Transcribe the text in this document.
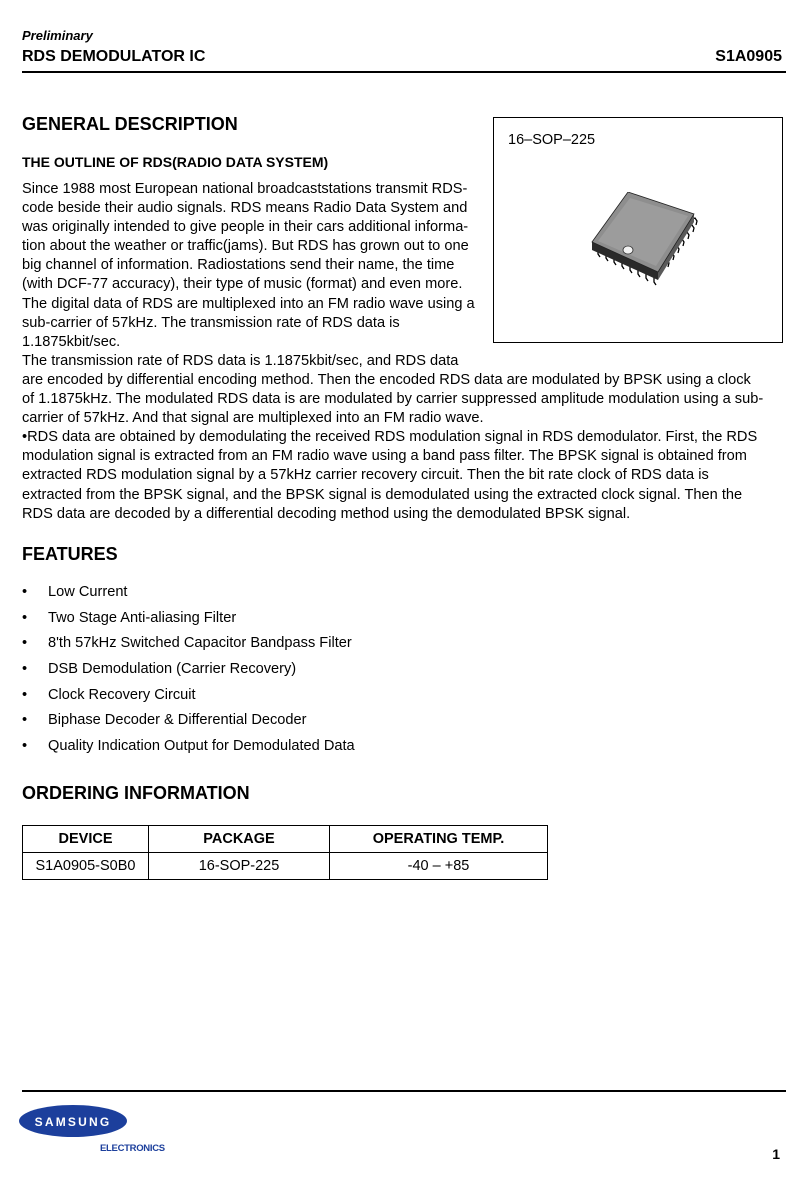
Preliminary
RDS DEMODULATOR IC	S1A0905
GENERAL DESCRIPTION
THE OUTLINE OF RDS(RADIO DATA SYSTEM)
Since 1988 most European national broadcaststations transmit RDS-
code beside their audio signals. RDS means Radio Data System and
was originally intended to give people in their cars additional informa-
tion about the weather or traffic(jams). But RDS has grown out to one
big channel of information. Radiostations send their name, the time
(with DCF-77 accuracy), their type of music (format) and even more.
The digital data of RDS are multiplexed into an FM radio wave using a
sub-carrier of 57kHz. The transmission rate of RDS data is
1.1875kbit/sec.
The transmission rate of RDS data is 1.1875kbit/sec, and RDS data
are encoded by differential encoding method. Then the encoded RDS data are modulated by BPSK using a clock
of 1.1875kHz. The modulated RDS data is are modulated by carrier suppressed amplitude modulation using a sub-
carrier of 57kHz. And that signal are multiplexed into an FM radio wave.
•RDS data are obtained by demodulating the received RDS modulation signal in RDS demodulator. First, the RDS
modulation signal is extracted from an FM radio wave using a band pass filter. The BPSK signal is obtained from
extracted RDS modulation signal by a 57kHz carrier recovery circuit. Then the bit rate clock of RDS data is
extracted from the BPSK signal, and the BPSK signal is demodulated using the extracted clock signal. Then the
RDS data are decoded by a differential decoding method using the demodulated BPSK signal.
16–SOP–225
FEATURES
• Low Current
• Two Stage Anti-aliasing Filter
• 8'th 57kHz Switched Capacitor Bandpass Filter
• DSB Demodulation (Carrier Recovery)
• Clock Recovery Circuit
• Biphase Decoder & Differential Decoder
• Quality Indication Output for Demodulated Data
ORDERING INFORMATION
DEVICE	PACKAGE	OPERATING TEMP.
S1A0905-S0B0	16-SOP-225	-40 – +85
SAMSUNG
ELECTRONICS	1
